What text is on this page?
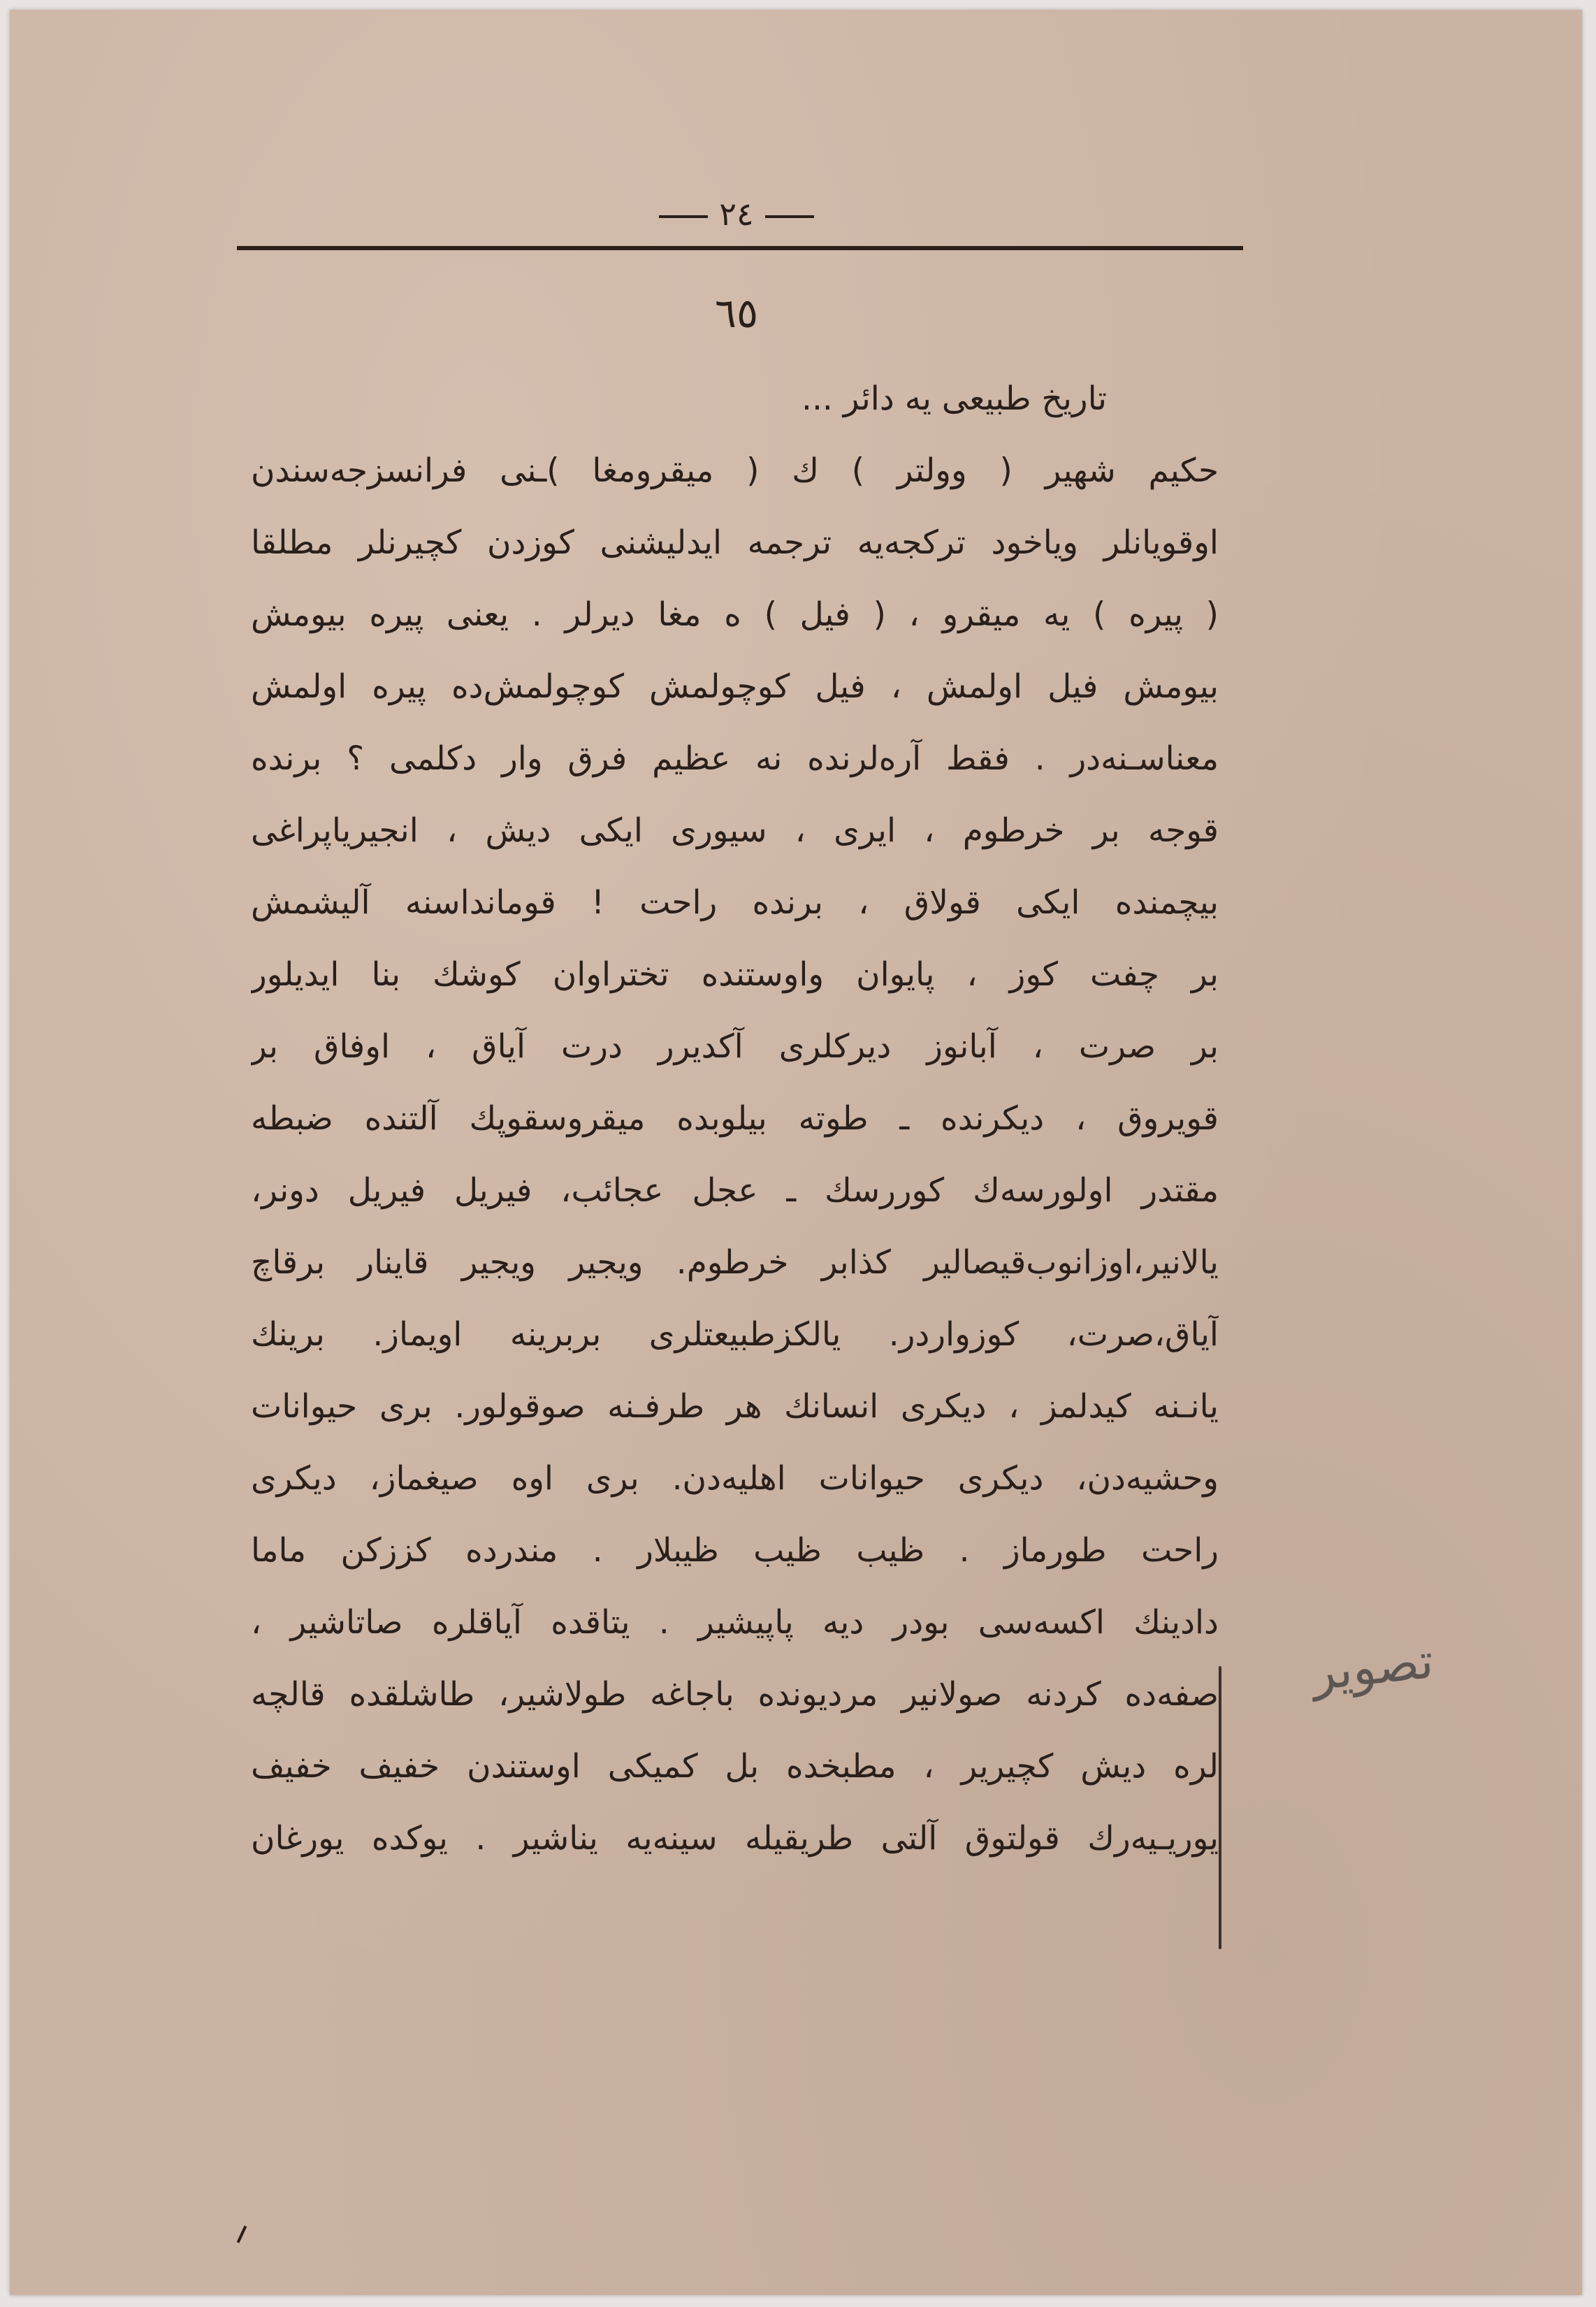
٢٤
٦٥
تاریخ طبیعی یه دائر ...
حکیم شهیر ( وولتر ) ك ( میقرومغا )ـنی فرانسزجه‌سندن
اوقویانلر ویاخود ترکجه‌یه ترجمه ایدلیشنی کوزدن کچیرنلر مطلقا
( پیره ) یه میقرو ، ( فیل ) ه مغا دیرلر . یعنی پیره بیومش
بیومش فیل اولمش ، فیل کوچولمش کوچولمش‌ده پیره اولمش
معناسـنه‌در . فقط آره‌لرنده نه عظیم فرق وار دکلمی ؟ برنده
قوجه بر خرطوم ، ایری ، سیوری ایکی دیش ، انجیریاپراغی
بیچمنده ایکی قولاق ، برنده راحت ! قوماندا‌سنه آلیشمش
بر چفت کوز ، پایوان واوستنده تختراوان کوشك بنا ایدیلور
بر صرت ، آبانوز دیرکلری آکدیرر درت آیاق ، اوفاق بر
قویروق ، دیکرنده ـ طوته بیلوبده میقروسقوپك آلتنده ضبطه
مقتدر اولورسه‌ك کوررسك ـ عجل عجائب، فیریل فیریل دونر،
یالانیر،اوزانوب‌قیصالیر کذابر خرطوم. ویجیر ویجیر قاینار برقاچ
آیاق،صرت، کوزواردر. یالکزطبیعتلری بربرینه اویماز. برینك
یانـنه کیدلمز ، دیکری انسانك هر طرفـنه صوقولور. بری حیوانات
وحشیه‌دن، دیکری حیوانات اهلیه‌دن. بری اوه صیغماز، دیکری
راحت طورماز . ظیب ظیب ظیبلار . مندرده کززکن ماما
دادینك اکسه‌سی بودر دیه پاپیشیر . یتاقده آیاقلره صاتاشیر ،
صفه‌ده کردنه صولانیر مردیونده باجاغه طولاشیر، طاشلقده قالچه
لره دیش کچیریر ، مطبخده بل کمیکی اوستندن خفیف خفیف
یوریـیه‌رك قولتوق آلتی طریقیله سینه‌یه یناشیر . یوکده یورغان
تصویر
